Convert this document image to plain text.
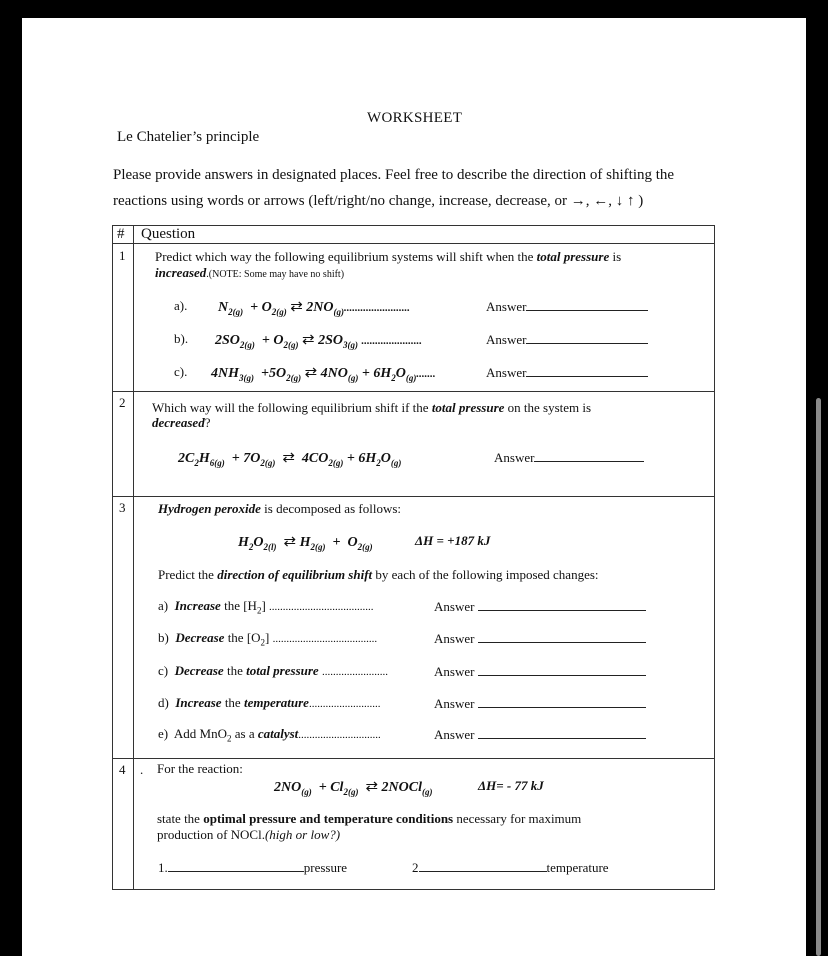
WORKSHEET
Le Chatelier’s principle
Please provide answers in designated places. Feel free to describe the direction of shifting the reactions using words or arrows (left/right/no change, increase, decrease, or →, ←, ↓ ↑ )
# Question
1 Predict which way the following equilibrium systems will shift when the total pressure is
increased.(NOTE: Some may have no shift)
a). $N_{2(g)} + O_{2(g)}$ ⇄ $2NO_{(g)}$........................	Answer
b). $2SO_{2(g)} + O_{2(g)}$ ⇄ $2SO_{3(g)}$ ......................	Answer
c). $4NH_{3(g)} +5O_{2(g)}$ ⇄ $4NO_{(g)} + 6H_2O_{(g)}$.......	Answer
2 Which way will the following equilibrium shift if the total pressure on the system is
decreased?
$2C_2H_{6(g)} + 7O_{2(g)}$ ⇄  $4CO_{2(g)} + 6H_2O_{(g)}$	Answer
3	Hydrogen peroxide is decomposed as follows:
$H_2O_{2(l)}$ ⇄ $H_{2(g)} + O_{2(g)}$	ΔH = +187 kJ
Predict the direction of equilibrium shift by each of the following imposed changes:
a) Increase the $[H_2]$ ......................................	Answer
b) Decrease the $[O_2]$ ......................................	Answer
c) Decrease the total pressure ........................	Answer
d) Increase the temperature..........................	Answer
e)  Add MnO$_2$ as a catalyst..............................	Answer
4 . For the reaction:
$2NO_{(g)} + Cl_{2(g)}$ ⇄ 2NOCl$_{(g)}$	ΔH= - 77 kJ
state the optimal pressure and temperature conditions necessary for maximum
production of NOCl.(high or low?)
1.	pressure	2	temperature
